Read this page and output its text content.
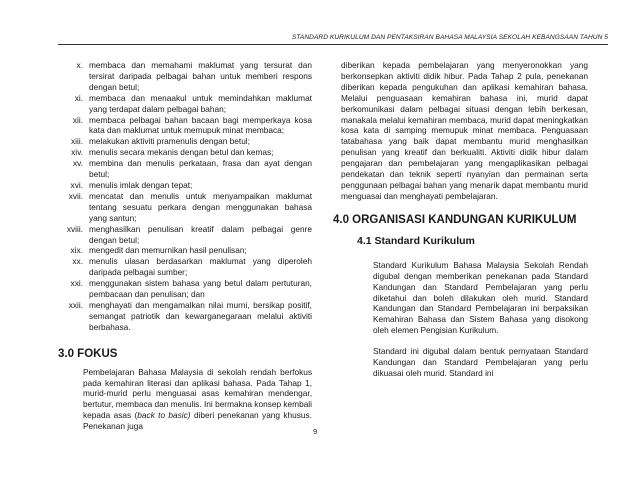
STANDARD KURIKULUM DAN PENTAKSIRAN BAHASA MALAYSIA SEKOLAH KEBANGSAAN TAHUN 5
x. membaca dan memahami maklumat yang tersurat dan tersirat daripada pelbagai bahan untuk memberi respons dengan betul;
xi. membaca dan menaakul untuk memindahkan maklumat yang terdapat dalam pelbagai bahan;
xii. membaca pelbagai bahan bacaan bagi memperkaya kosa kata dan maklumat untuk memupuk minat membaca;
xiii. melakukan aktiviti pramenulis dengan betul;
xiv. menulis secara mekanis dengan betul dan kemas;
xv. membina dan menulis perkataan, frasa dan ayat dengan betul;
xvi. menulis imlak dengan tepat;
xvii. mencatat dan menulis untuk menyampaikan maklumat tentang sesuatu perkara dengan menggunakan bahasa yang santun;
xviii. menghasilkan penulisan kreatif dalam pelbagai genre dengan betul;
xix. mengedit dan memurnikan hasil penulisan;
xx. menulis ulasan berdasarkan maklumat yang diperoleh daripada pelbagai sumber;
xxi. menggunakan sistem bahasa yang betul dalam pertuturan, pembacaan dan penulisan; dan
xxii. menghayati dan mengamalkan nilai murni, bersikap positif, semangat patriotik dan kewarganegaraan melalui aktiviti berbahasa.
3.0 FOKUS
Pembelajaran Bahasa Malaysia di sekolah rendah berfokus pada kemahiran literasi dan aplikasi bahasa. Pada Tahap 1, murid-murid perlu menguasai asas kemahiran mendengar, bertutur, membaca dan menulis. Ini bermakna konsep kembali kepada asas (back to basic) diberi penekanan yang khusus. Penekanan juga
diberikan kepada pembelajaran yang menyeronokkan yang berkonsepkan aktiviti didik hibur. Pada Tahap 2 pula, penekanan diberikan kepada pengukuhan dan aplikasi kemahiran bahasa. Melalui penguasaan kemahiran bahasa ini, murid dapat berkomunikasi dalam pelbagai situasi dengan lebih berkesan, manakala melalui kemahiran membaca, murid dapat meningkatkan kosa kata di samping memupuk minat membaca. Penguasaan tatabahasa yang baik dapat membantu murid menghasilkan penulisan yang kreatif dan berkualiti. Aktiviti didik hibur dalam pengajaran dan pembelajaran yang mengaplikasikan pelbagai pendekatan dan teknik seperti nyanyian dan permainan serta penggunaan pelbagai bahan yang menarik dapat membantu murid menguasai dan menghayati pembelajaran.
4.0 ORGANISASI KANDUNGAN KURIKULUM
4.1 Standard Kurikulum
Standard Kurikulum Bahasa Malaysia Sekolah Rendah digubal dengan memberikan penekanan pada Standard Kandungan dan Standard Pembelajaran yang perlu diketahui dan boleh dilakukan oleh murid. Standard Kandungan dan Standard Pembelajaran ini berpaksikan Kemahiran Bahasa dan Sistem Bahasa yang disokong oleh elemen Pengisian Kurikulum.
Standard ini digubal dalam bentuk pernyataan Standard Kandungan dan Standard Pembelajaran yang perlu dikuasai oleh murid. Standard ini
9
